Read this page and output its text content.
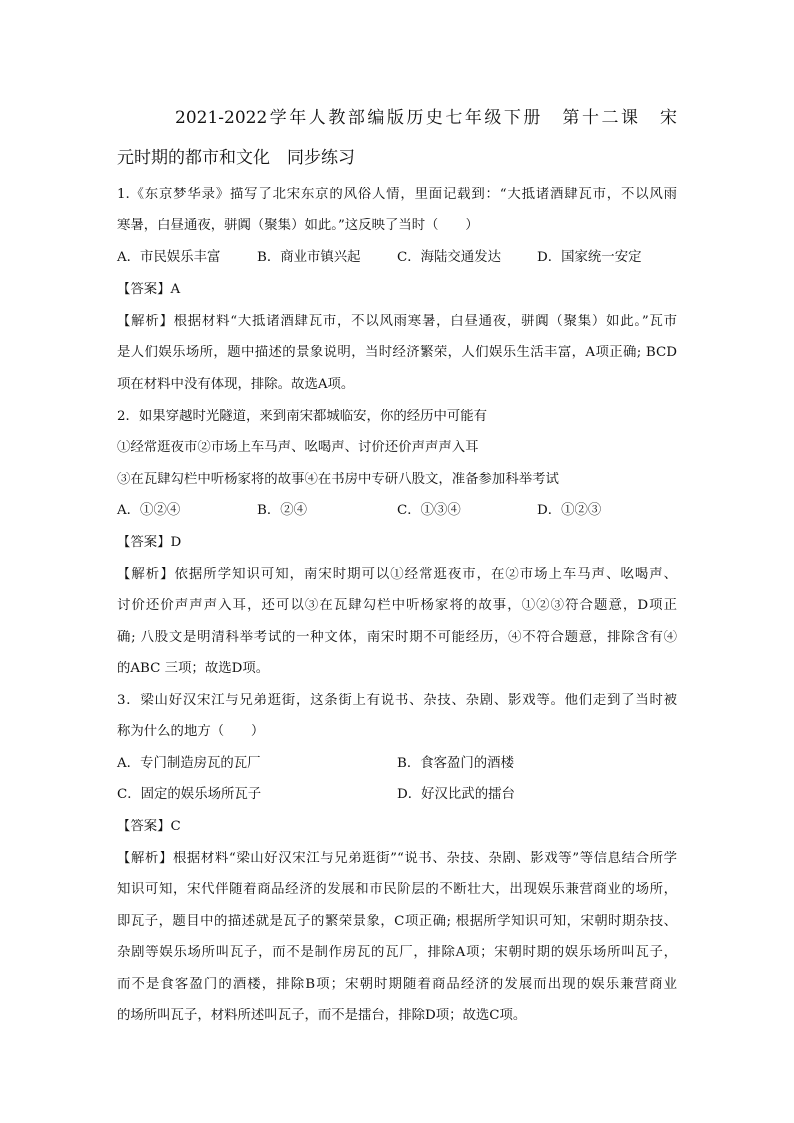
2021-2022学年人教部编版历史七年级下册　第十二课　宋
元时期的都市和文化　同步练习
1.《东京梦华录》描写了北宋东京的风俗人情，里面记载到：“大抵诸酒肆瓦市，不以风雨
寒暑，白昼通夜，骈阗（聚集）如此。”这反映了当时（　　）
A．市民娱乐丰富	B．商业市镇兴起	C．海陆交通发达	D．国家统一安定
【答案】A
【解析】根据材料“大抵诸酒肆瓦市，不以风雨寒暑，白昼通夜，骈阗（聚集）如此。”瓦市
是人们娱乐场所，题中描述的景象说明，当时经济繁荣，人们娱乐生活丰富，A项正确; BCD
项在材料中没有体现，排除。故选A项。
2．如果穿越时光隧道，来到南宋都城临安，你的经历中可能有
①经常逛夜市②市场上车马声、吆喝声、讨价还价声声声入耳
③在瓦肆勾栏中听杨家将的故事④在书房中专研八股文，准备参加科举考试
A．①②④	B．②④	C．①③④	D．①②③
【答案】D
【解析】依据所学知识可知，南宋时期可以①经常逛夜市，在②市场上车马声、吆喝声、
讨价还价声声声入耳，还可以③在瓦肆勾栏中听杨家将的故事，①②③符合题意，D项正
确; 八股文是明清科举考试的一种文体，南宋时期不可能经历，④不符合题意，排除含有④
的ABC 三项；故选D项。
3．梁山好汉宋江与兄弟逛街，这条街上有说书、杂技、杂剧、影戏等。他们走到了当时被
称为什么的地方（　　）
A．专门制造房瓦的瓦厂	B．食客盈门的酒楼
C．固定的娱乐场所瓦子	D．好汉比武的擂台
【答案】C
【解析】根据材料“梁山好汉宋江与兄弟逛街”“说书、杂技、杂剧、影戏等”等信息结合所学
知识可知，宋代伴随着商品经济的发展和市民阶层的不断壮大，出现娱乐兼营商业的场所，
即瓦子，题目中的描述就是瓦子的繁荣景象，C项正确; 根据所学知识可知，宋朝时期杂技、
杂剧等娱乐场所叫瓦子，而不是制作房瓦的瓦厂，排除A项；宋朝时期的娱乐场所叫瓦子，
而不是食客盈门的酒楼，排除B项；宋朝时期随着商品经济的发展而出现的娱乐兼营商业
的场所叫瓦子，材料所述叫瓦子，而不是擂台，排除D项；故选C项。
